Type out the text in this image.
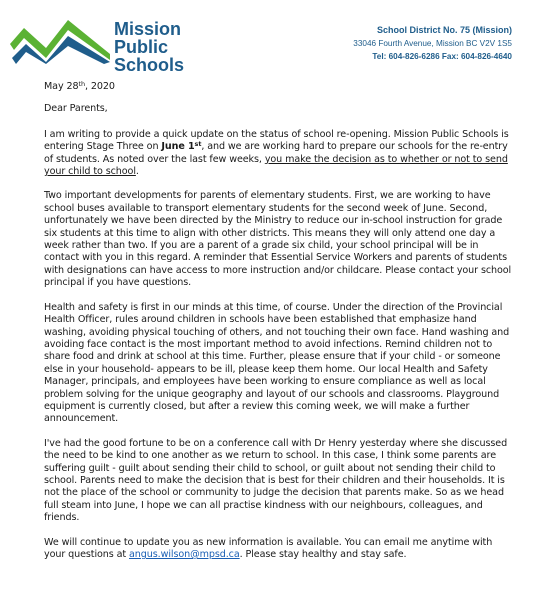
Mission
Public Schools
School District No. 75 (Mission)
33046 Fourth Avenue, Mission BC V2V 1S5
Tel: 604-826-6286 Fax: 604-826-4640

May 28th, 2020

Dear Parents,

I am writing to provide a quick update on the status of school re-opening. Mission Public Schools is entering Stage Three on June 1st, and we are working hard to prepare our schools for the re-entry of students. As noted over the last few weeks, you make the decision as to whether or not to send your child to school.

Two important developments for parents of elementary students. First, we are working to have school buses available to transport elementary students for the second week of June. Second, unfortunately we have been directed by the Ministry to reduce our in-school instruction for grade six students at this time to align with other districts. This means they will only attend one day a week rather than two. If you are a parent of a grade six child, your school principal will be in contact with you in this regard. A reminder that Essential Service Workers and parents of students with designations can have access to more instruction and/or childcare. Please contact your school principal if you have questions.

Health and safety is first in our minds at this time, of course. Under the direction of the Provincial Health Officer, rules around children in schools have been established that emphasize hand washing, avoiding physical touching of others, and not touching their own face. Hand washing and avoiding face contact is the most important method to avoid infections. Remind children not to share food and drink at school at this time. Further, please ensure that if your child - or someone else in your household- appears to be ill, please keep them home. Our local Health and Safety Manager, principals, and employees have been working to ensure compliance as well as local problem solving for the unique geography and layout of our schools and classrooms. Playground equipment is currently closed, but after a review this coming week, we will make a further announcement.

I've had the good fortune to be on a conference call with Dr Henry yesterday where she discussed the need to be kind to one another as we return to school. In this case, I think some parents are suffering guilt - guilt about sending their child to school, or guilt about not sending their child to school. Parents need to make the decision that is best for their children and their households. It is not the place of the school or community to judge the decision that parents make. So as we head full steam into June, I hope we can all practise kindness with our neighbours, colleagues, and friends.

We will continue to update you as new information is available. You can email me anytime with your questions at angus.wilson@mpsd.ca. Please stay healthy and stay safe.
